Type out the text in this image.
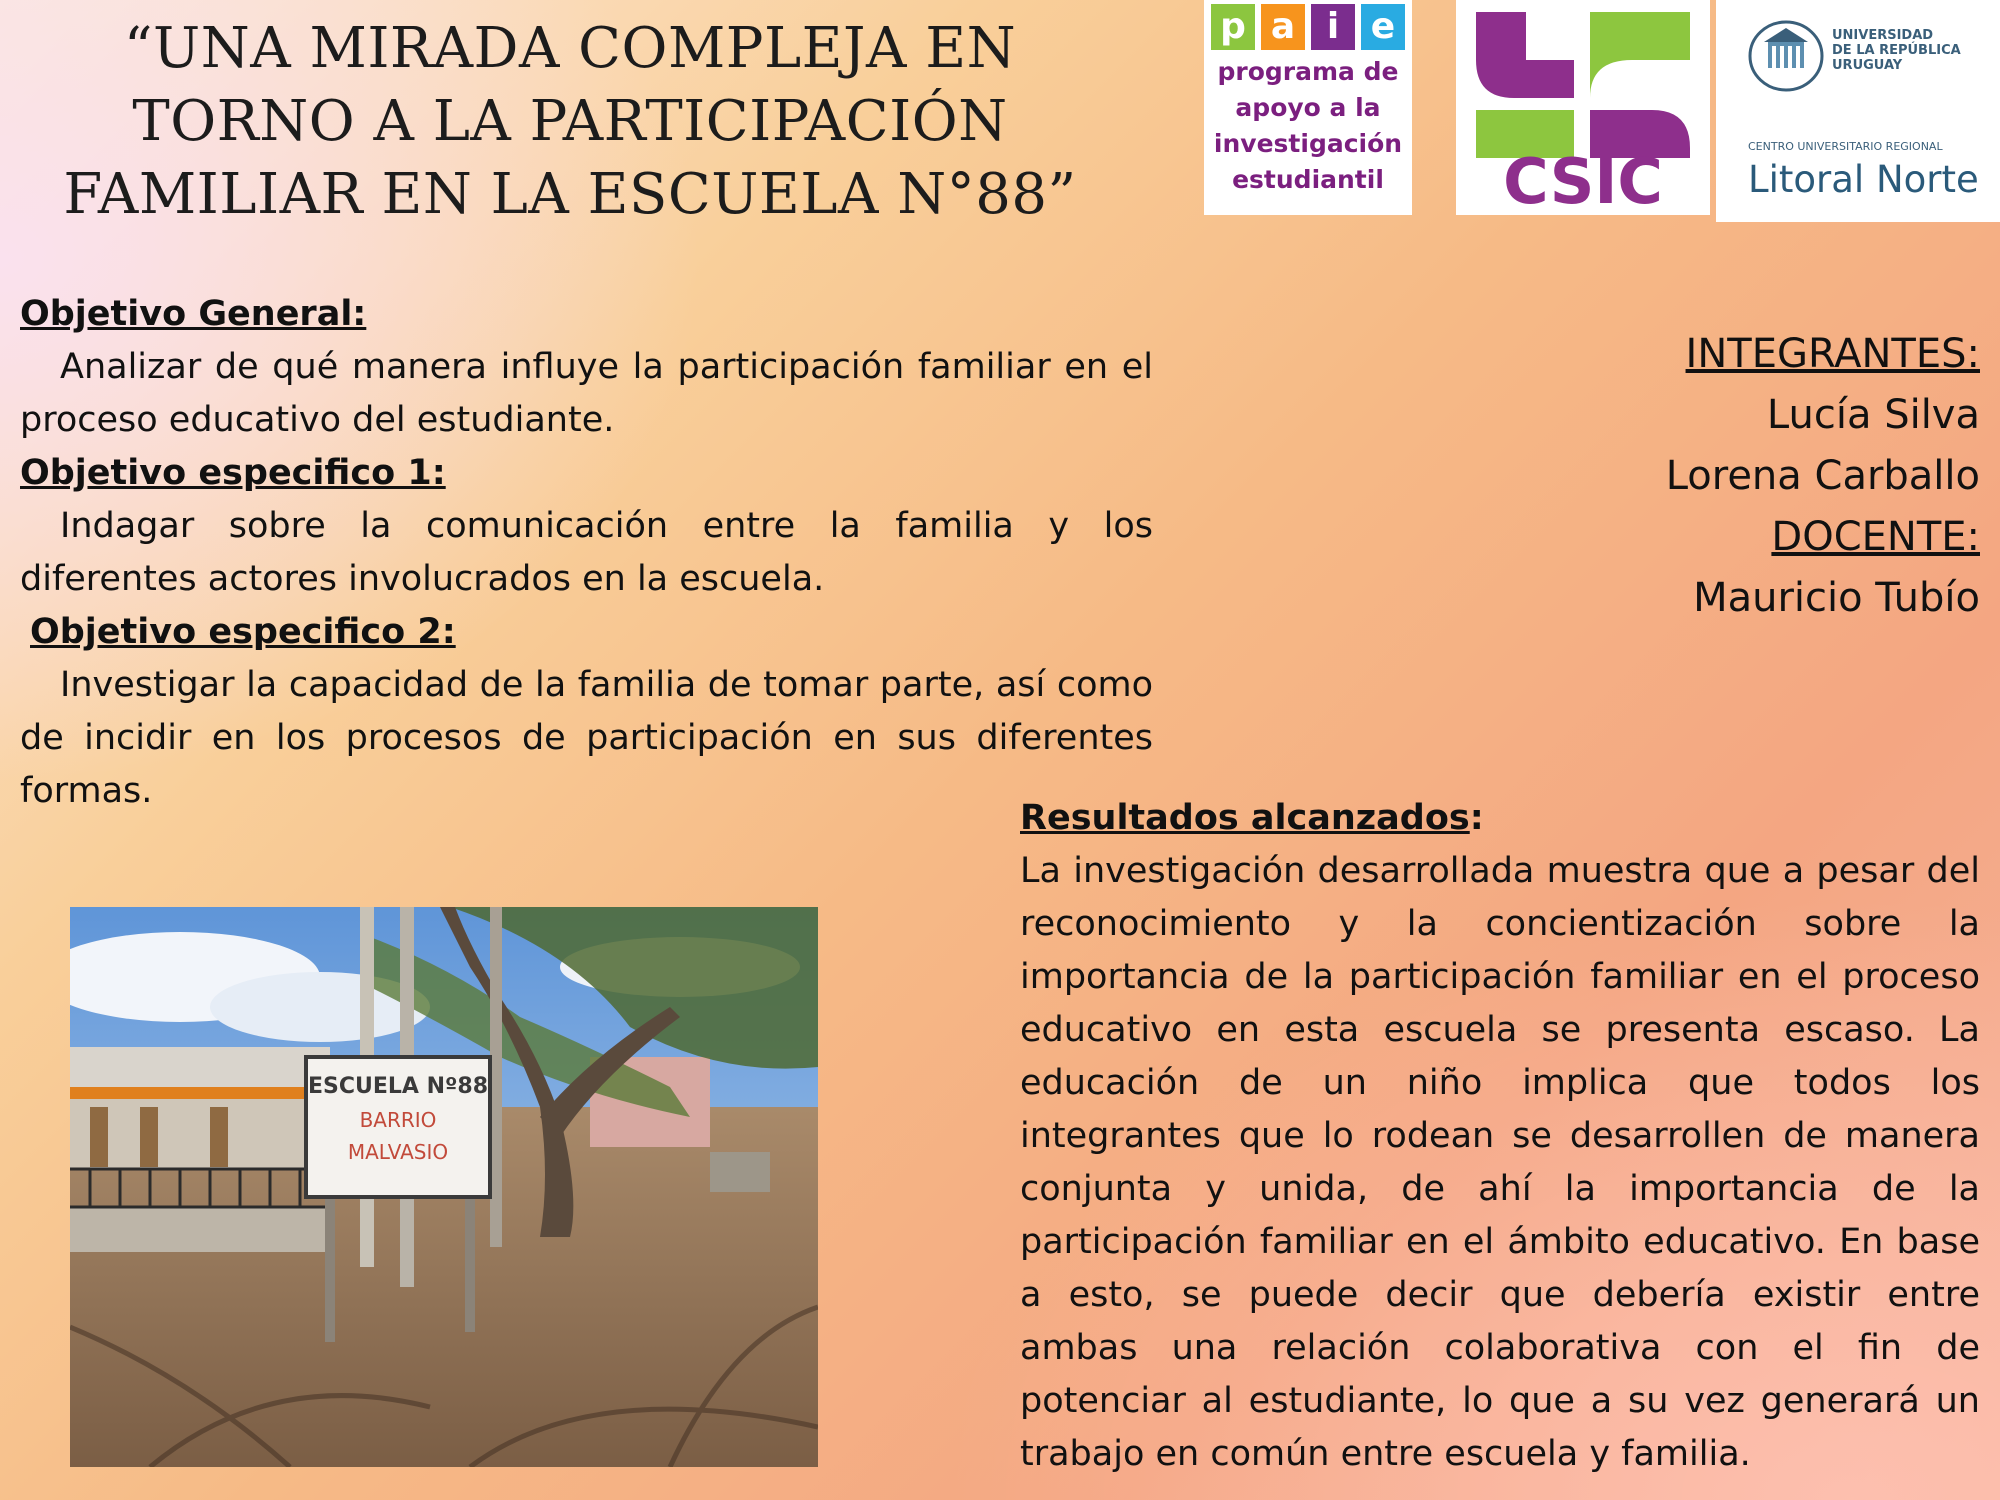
“UNA MIRADA COMPLEJA EN TORNO A LA PARTICIPACIÓN FAMILIAR EN LA ESCUELA N°88”
p a i e
programa de
apoyo a la
investigación
estudiantil	CSIC
UNIVERSIDAD
DE LA REPÚBLICA
URUGUAY
CENTRO UNIVERSITARIO REGIONAL
Litoral Norte
Objetivo General:
Analizar de qué manera influye la participación familiar en el proceso educativo del estudiante.
Objetivo especifico 1:
Indagar sobre la comunicación entre la familia y los diferentes actores involucrados en la escuela.
Objetivo especifico 2:
Investigar la capacidad de la familia de tomar parte, así como de incidir en los procesos de participación en sus diferentes formas.
INTEGRANTES:
Lucía Silva
Lorena Carballo
DOCENTE:
Mauricio Tubío
Resultados alcanzados:
La investigación desarrollada muestra que a pesar del reconocimiento y la concientización sobre la importancia de la participación familiar en el proceso educativo en esta escuela se presenta escaso. La educación de un niño implica que todos los integrantes que lo rodean se desarrollen de manera conjunta y unida, de ahí la importancia de la participación familiar en el ámbito educativo. En base a esto, se puede decir que debería existir entre ambas una relación colaborativa con el fin de potenciar al estudiante, lo que a su vez generará un trabajo en común entre escuela y familia.
ESCUELA Nº88
BARRIO
MALVASIO
